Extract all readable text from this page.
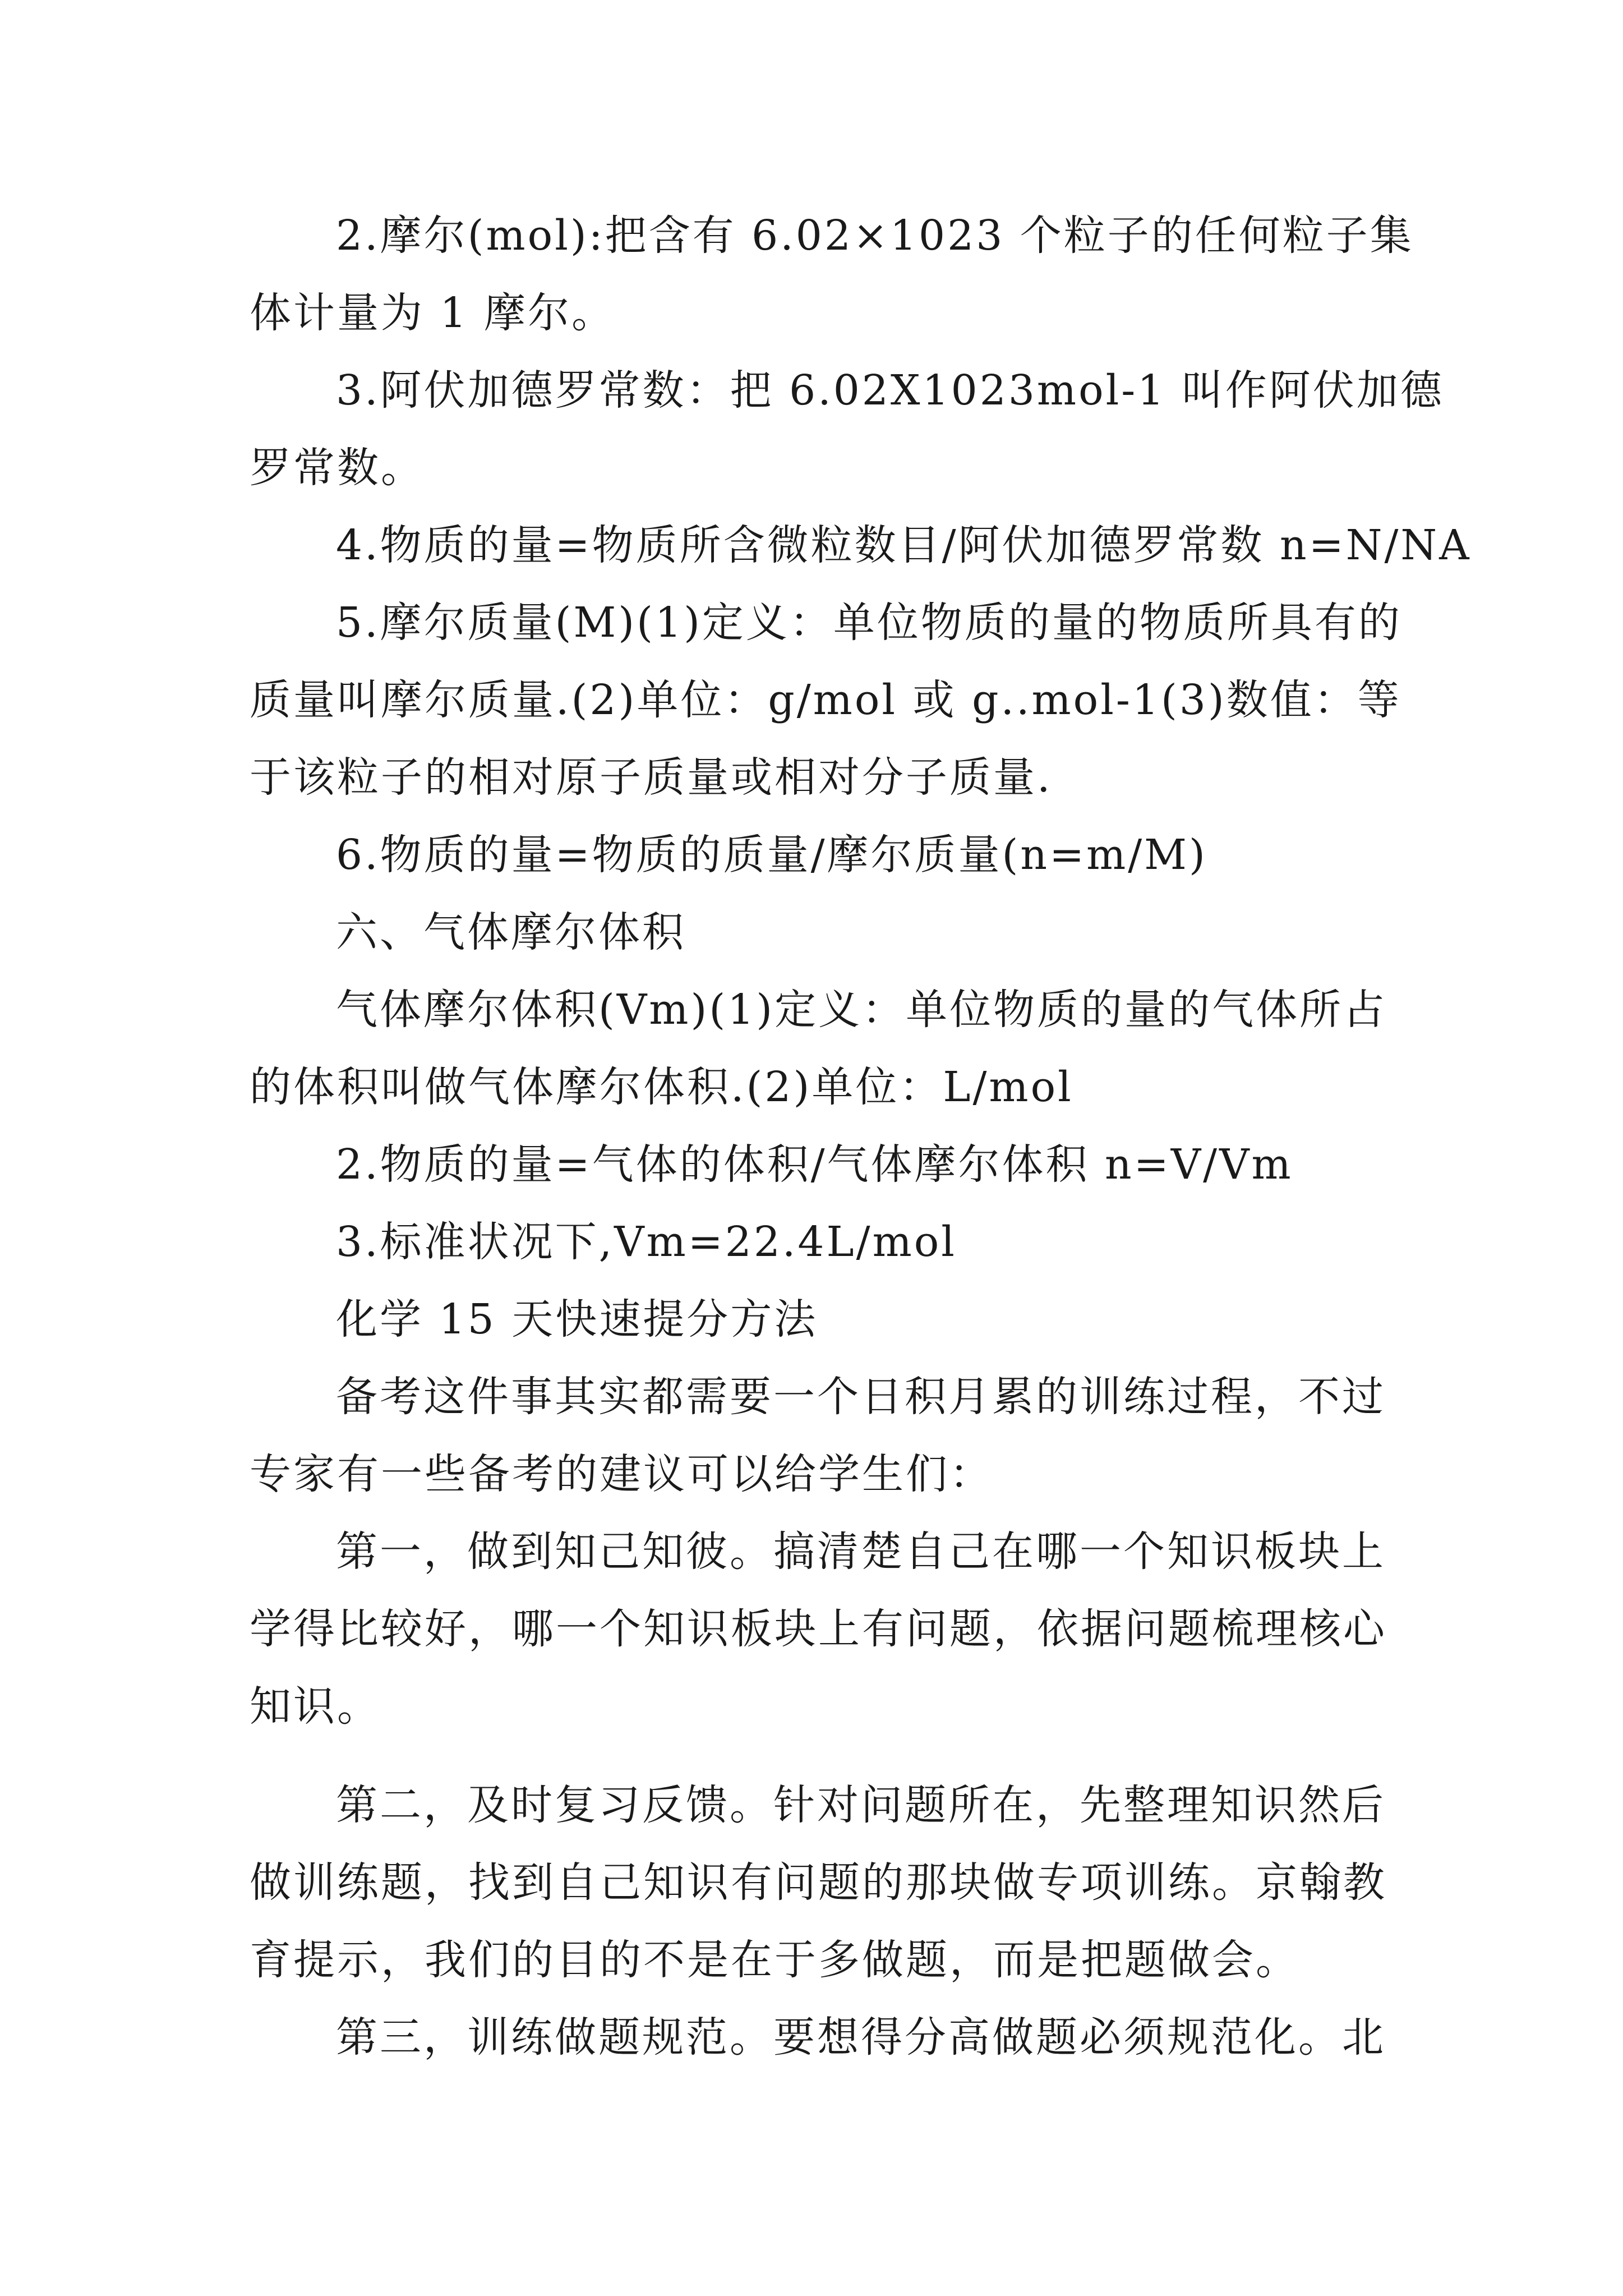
2.摩尔(mol):把含有 6.02×1023 个粒子的任何粒子集
体计量为 1 摩尔。
3.阿伏加德罗常数：把 6.02X1023mol-1 叫作阿伏加德
罗常数。
4.物质的量=物质所含微粒数目/阿伏加德罗常数 n=N/NA
5.摩尔质量(M)(1)定义：单位物质的量的物质所具有的
质量叫摩尔质量.(2)单位：g/mol 或 g..mol-1(3)数值：等
于该粒子的相对原子质量或相对分子质量.
6.物质的量=物质的质量/摩尔质量(n=m/M)
六、气体摩尔体积
气体摩尔体积(Vm)(1)定义：单位物质的量的气体所占
的体积叫做气体摩尔体积.(2)单位：L/mol
2.物质的量=气体的体积/气体摩尔体积 n=V/Vm
3.标准状况下,Vm=22.4L/mol
化学 15 天快速提分方法
备考这件事其实都需要一个日积月累的训练过程，不过
专家有一些备考的建议可以给学生们：
第一，做到知己知彼。搞清楚自己在哪一个知识板块上
学得比较好，哪一个知识板块上有问题，依据问题梳理核心
知识。
第二，及时复习反馈。针对问题所在，先整理知识然后
做训练题，找到自己知识有问题的那块做专项训练。京翰教
育提示，我们的目的不是在于多做题，而是把题做会。
第三，训练做题规范。要想得分高做题必须规范化。北
